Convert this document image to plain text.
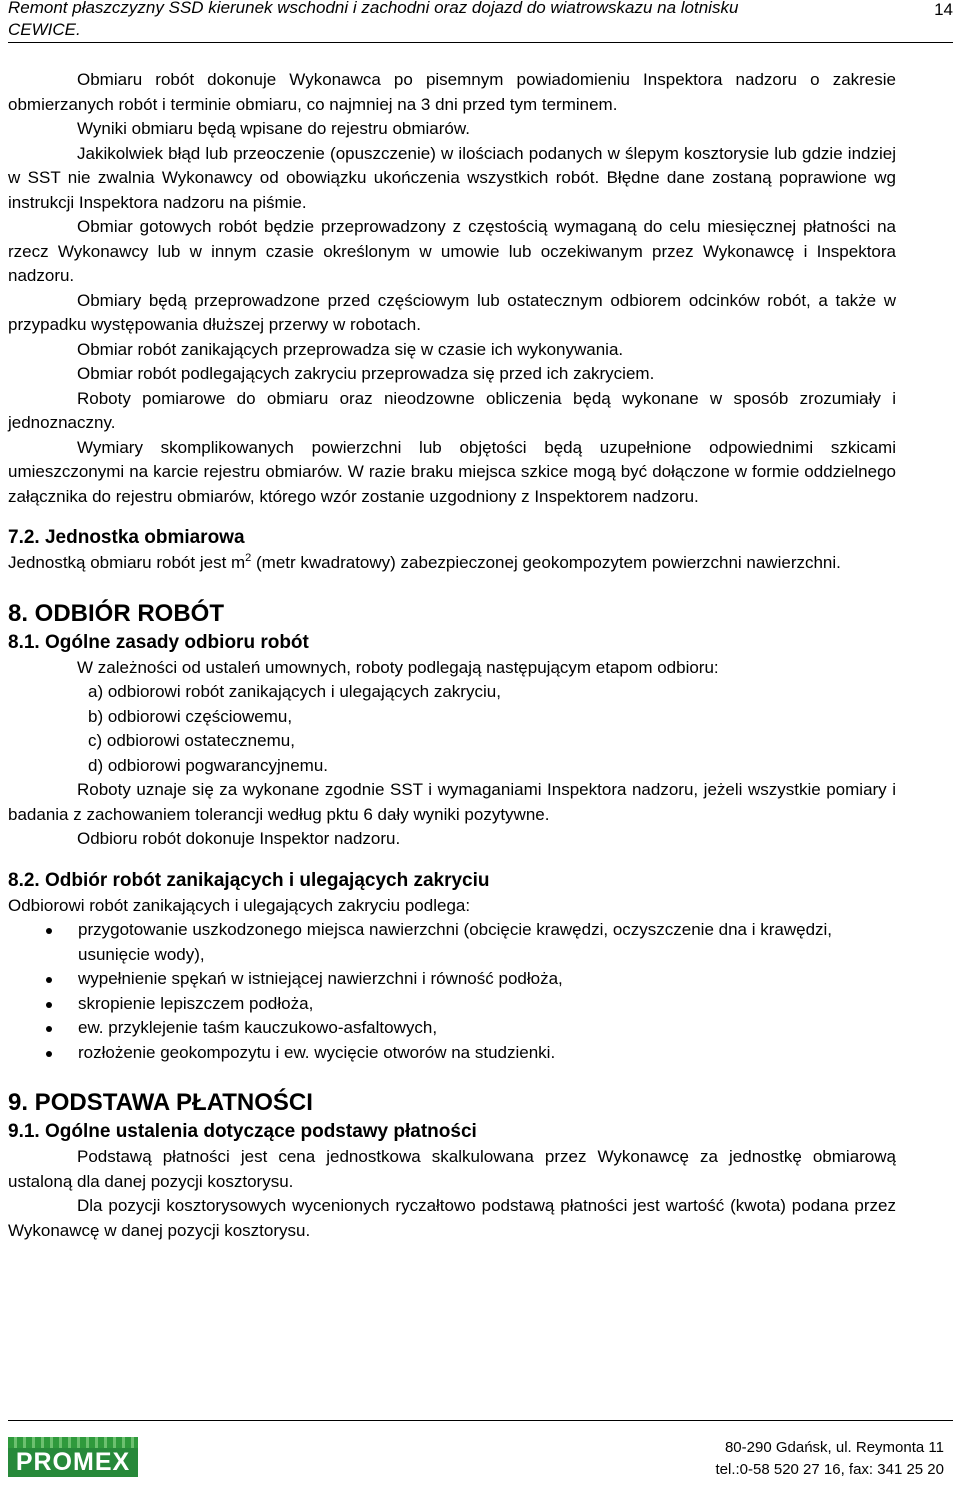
Remont płaszczyzny SSD kierunek wschodni i zachodni oraz dojazd do wiatrowskazu na lotnisku CEWICE.
14

Obmiaru robót dokonuje Wykonawca po pisemnym powiadomieniu Inspektora nadzoru o zakresie obmierzanych robót i terminie obmiaru, co najmniej na 3 dni przed tym terminem.

Wyniki obmiaru będą wpisane do rejestru obmiarów.

Jakikolwiek błąd lub przeoczenie (opuszczenie) w ilościach podanych w ślepym kosztorysie lub gdzie indziej w SST nie zwalnia Wykonawcy od obowiązku ukończenia wszystkich robót. Błędne dane zostaną poprawione wg instrukcji Inspektora nadzoru na piśmie.

Obmiar gotowych robót będzie przeprowadzony z częstością wymaganą do celu miesięcznej płatności na rzecz Wykonawcy lub w innym czasie określonym w umowie lub oczekiwanym przez Wykonawcę i Inspektora nadzoru.

Obmiary będą przeprowadzone przed częściowym lub ostatecznym odbiorem odcinków robót, a także w przypadku występowania dłuższej przerwy w robotach.

Obmiar robót zanikających przeprowadza się w czasie ich wykonywania.

Obmiar robót podlegających zakryciu przeprowadza się przed ich zakryciem.

Roboty pomiarowe do obmiaru oraz nieodzowne obliczenia będą wykonane w sposób zrozumiały i jednoznaczny.

Wymiary skomplikowanych powierzchni lub objętości będą uzupełnione odpowiednimi szkicami umieszczonymi na karcie rejestru obmiarów. W razie braku miejsca szkice mogą być dołączone w formie oddzielnego załącznika do rejestru obmiarów, którego wzór zostanie uzgodniony z Inspektorem nadzoru.

7.2. Jednostka obmiarowa

Jednostką obmiaru robót jest $m^2$ (metr kwadratowy) zabezpieczonej geokompozytem powierzchni nawierzchni.

8. ODBIÓR ROBÓT
8.1. Ogólne zasady odbioru robót

W zależności od ustaleń umownych, roboty podlegają następującym etapom odbioru:

a) odbiorowi robót zanikających i ulegających zakryciu,
b) odbiorowi częściowemu,
c) odbiorowi ostatecznemu,
d) odbiorowi pogwarancyjnemu.

Roboty uznaje się za wykonane zgodnie SST i wymaganiami Inspektora nadzoru, jeżeli wszystkie pomiary i badania z zachowaniem tolerancji według pktu 6 dały wyniki pozytywne.

Odbioru robót dokonuje Inspektor nadzoru.

8.2. Odbiór robót zanikających i ulegających zakryciu

Odbiorowi robót zanikających i ulegających zakryciu podlega:

przygotowanie uszkodzonego miejsca nawierzchni (obcięcie krawędzi, oczyszczenie dna i krawędzi, usunięcie wody),
wypełnienie spękań w istniejącej nawierzchni i równość podłoża,
skropienie lepiszczem podłoża,
ew. przyklejenie taśm kauczukowo-asfaltowych,
rozłożenie geokompozytu i ew. wycięcie otworów na studzienki.
9. PODSTAWA PŁATNOŚCI
9.1. Ogólne ustalenia dotyczące podstawy płatności

Podstawą płatności jest cena jednostkowa skalkulowana przez Wykonawcę za jednostkę obmiarową ustaloną dla danej pozycji kosztorysu.

Dla pozycji kosztorysowych wycenionych ryczałtowo podstawą płatności jest wartość (kwota) podana przez Wykonawcę w danej pozycji kosztorysu.

PROMEX
80-290 Gdańsk, ul. Reymonta 11
tel.:0-58 520 27 16, fax: 341 25 20
